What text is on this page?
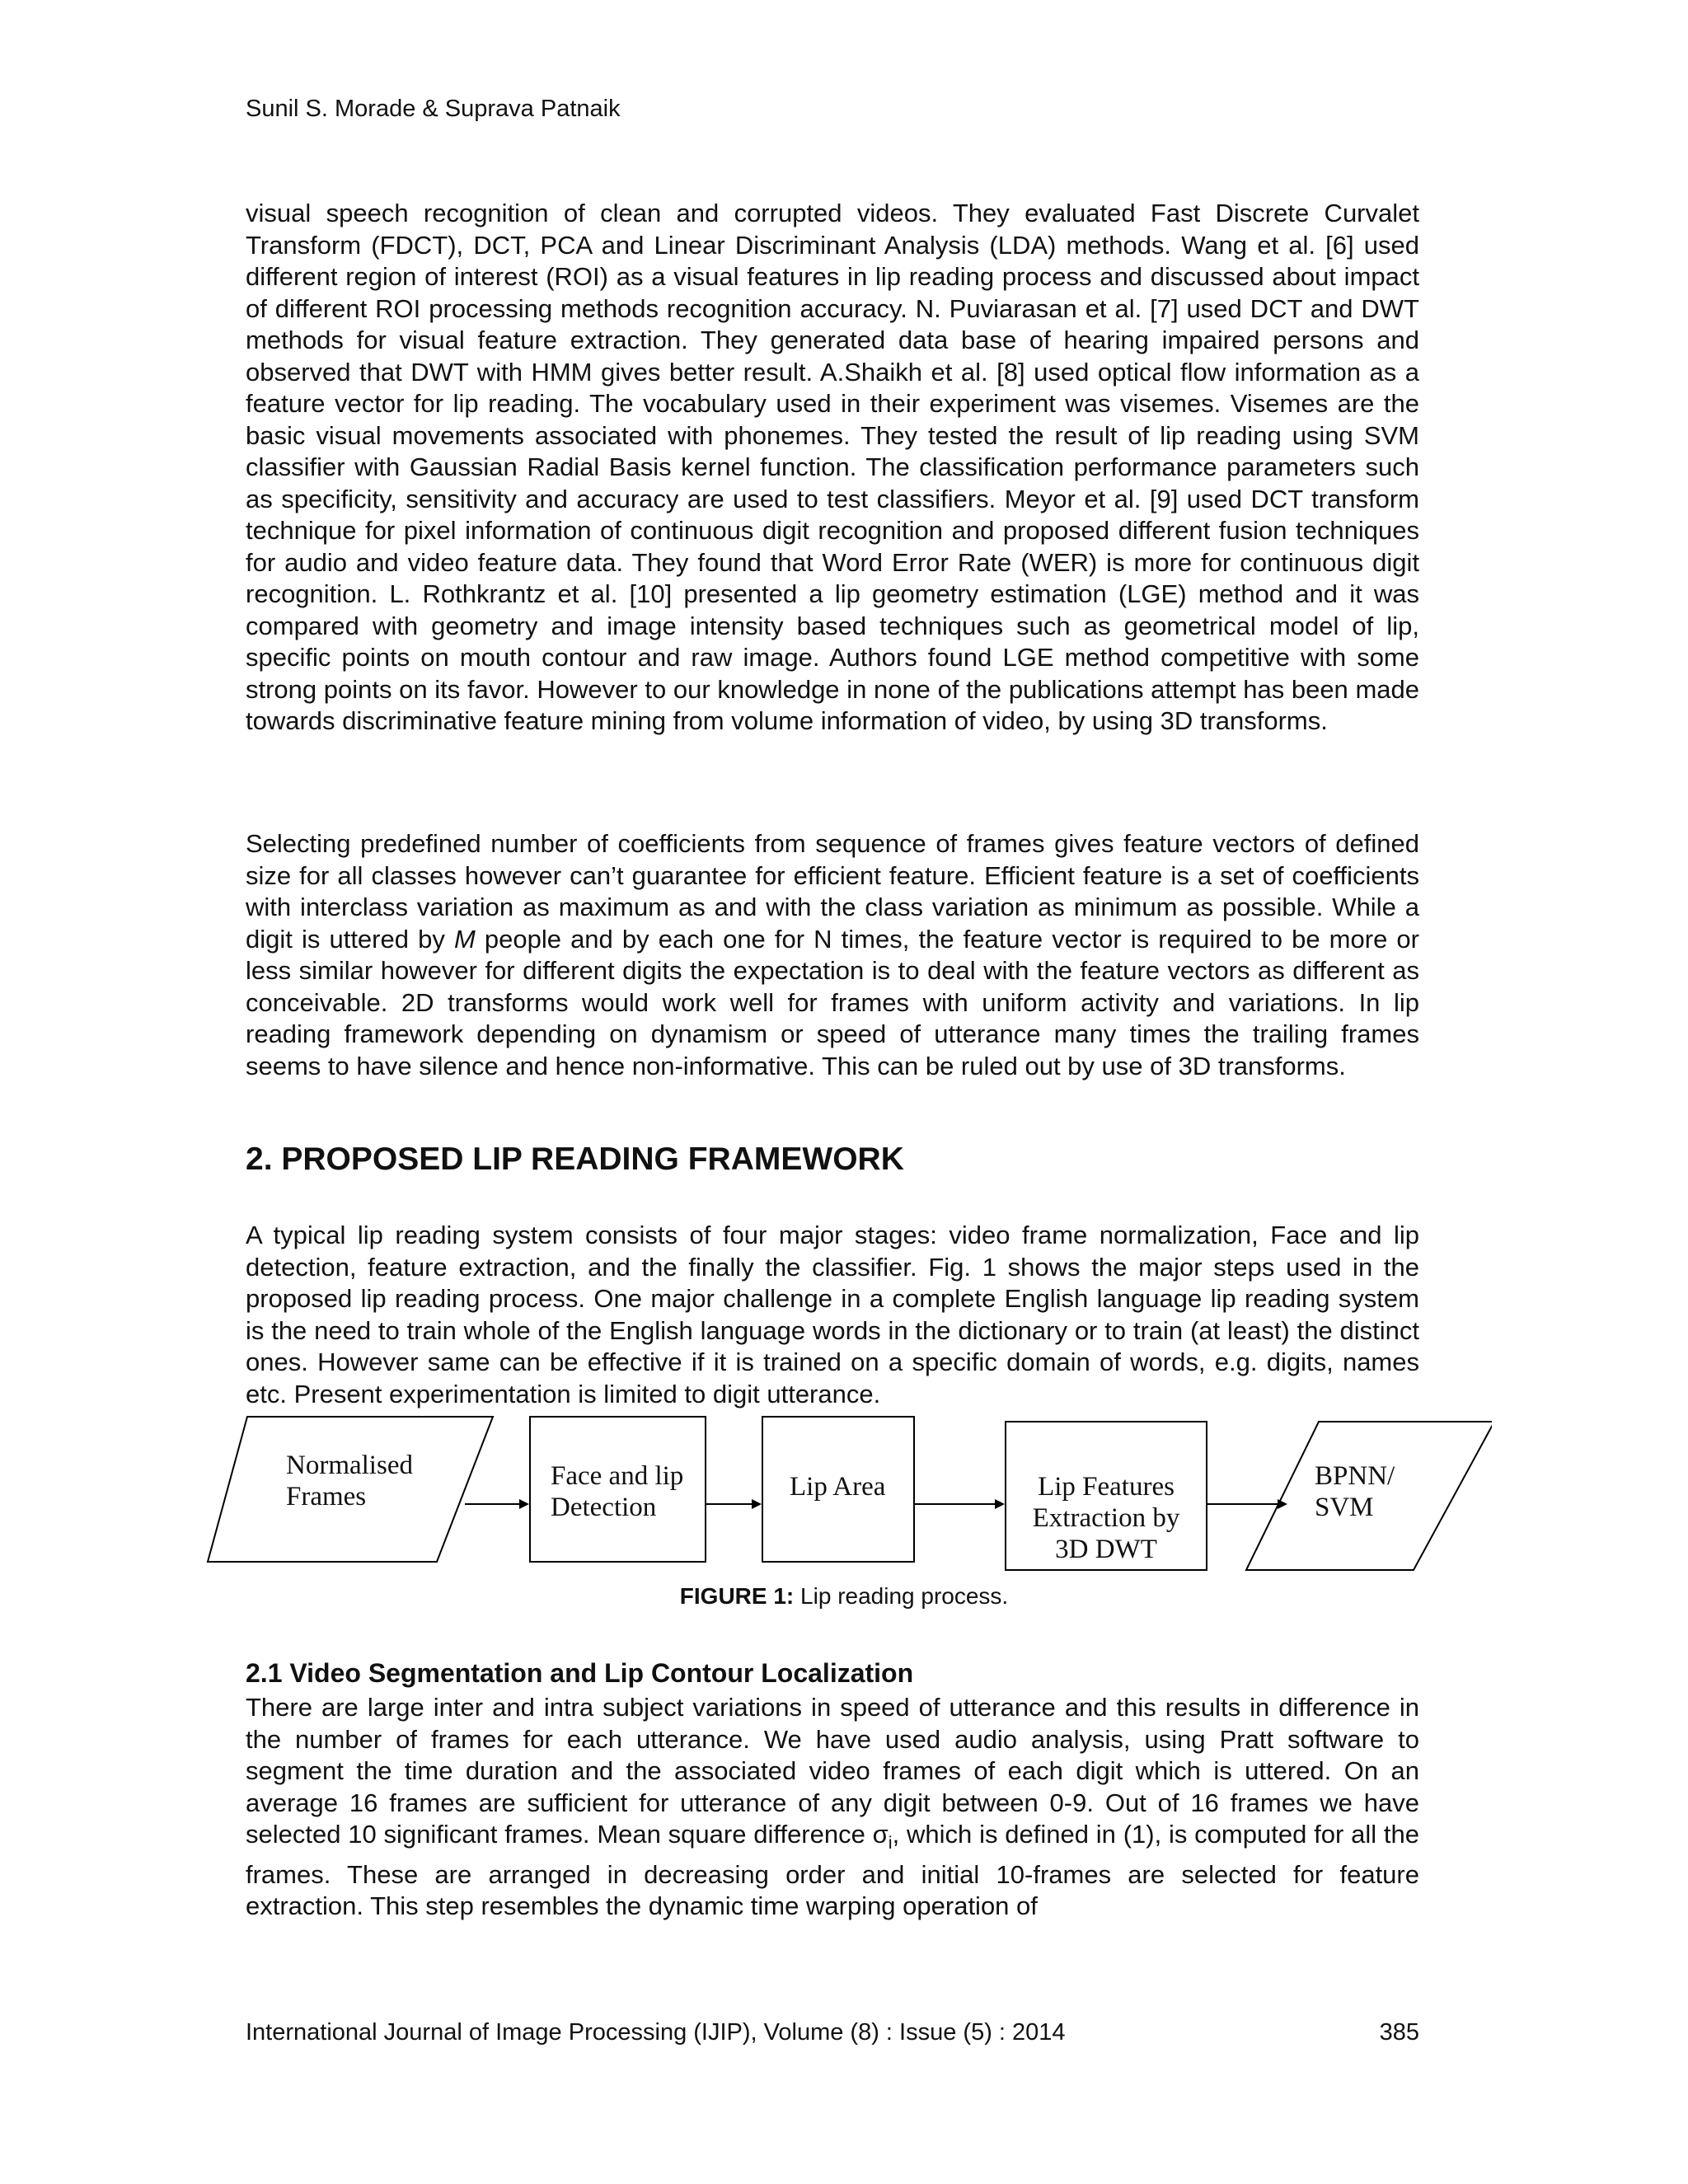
Sunil S. Morade & Suprava Patnaik

visual speech recognition of clean and corrupted videos. They evaluated Fast Discrete Curvalet Transform (FDCT), DCT, PCA and Linear Discriminant Analysis (LDA) methods. Wang et al. [6] used different region of interest (ROI) as a visual features in lip reading process and discussed about impact of different ROI processing methods recognition accuracy. N. Puviarasan et al. [7] used DCT and DWT methods for visual feature extraction. They generated data base of hearing impaired persons and observed that DWT with HMM gives better result. A.Shaikh et al. [8] used optical flow information as a feature vector for lip reading. The vocabulary used in their experiment was visemes. Visemes are the basic visual movements associated with phonemes. They tested the result of lip reading using SVM classifier with Gaussian Radial Basis kernel function. The classification performance parameters such as specificity, sensitivity and accuracy are used to test classifiers. Meyor et al. [9] used DCT transform technique for pixel information of continuous digit recognition and proposed different fusion techniques for audio and video feature data. They found that Word Error Rate (WER) is more for continuous digit recognition. L. Rothkrantz et al. [10] presented a lip geometry estimation (LGE) method and it was compared with geometry and image intensity based techniques such as geometrical model of lip, specific points on mouth contour and raw image. Authors found LGE method competitive with some strong points on its favor. However to our knowledge in none of the publications attempt has been made towards discriminative feature mining from volume information of video, by using 3D transforms.

Selecting predefined number of coefficients from sequence of frames gives feature vectors of defined size for all classes however can’t guarantee for efficient feature. Efficient feature is a set of coefficients with interclass variation as maximum as and with the class variation as minimum as possible. While a digit is uttered by M people and by each one for N times, the feature vector is required to be more or less similar however for different digits the expectation is to deal with the feature vectors as different as conceivable. 2D transforms would work well for frames with uniform activity and variations. In lip reading framework depending on dynamism or speed of utterance many times the trailing frames seems to have silence and hence non-informative. This can be ruled out by use of 3D transforms.

2. PROPOSED LIP READING FRAMEWORK

A typical lip reading system consists of four major stages: video frame normalization, Face and lip detection, feature extraction, and the finally the classifier. Fig. 1 shows the major steps used in the proposed lip reading process. One major challenge in a complete English language lip reading system is the need to train whole of the English language words in the dictionary or to train (at least) the distinct ones. However same can be effective if it is trained on a specific domain of words, e.g. digits, names etc. Present experimentation is limited to digit utterance.

Normalised
Frames
Face and lip
Detection
Lip Area	Lip Features
Extraction by
3D DWT
BPNN/
SVM

FIGURE 1: Lip reading process.

2.1 Video Segmentation and Lip Contour Localization

There are large inter and intra subject variations in speed of utterance and this results in difference in the number of frames for each utterance. We have used audio analysis, using Pratt software to segment the time duration and the associated video frames of each digit which is uttered. On an average 16 frames are sufficient for utterance of any digit between 0-9. Out of 16 frames we have selected 10 significant frames. Mean square difference $\sigma_i$, which is defined in (1), is computed for all the frames. These are arranged in decreasing order and initial 10-frames are selected for feature extraction. This step resembles the dynamic time warping operation of

International Journal of Image Processing (IJIP), Volume (8) : Issue (5) : 2014	385
